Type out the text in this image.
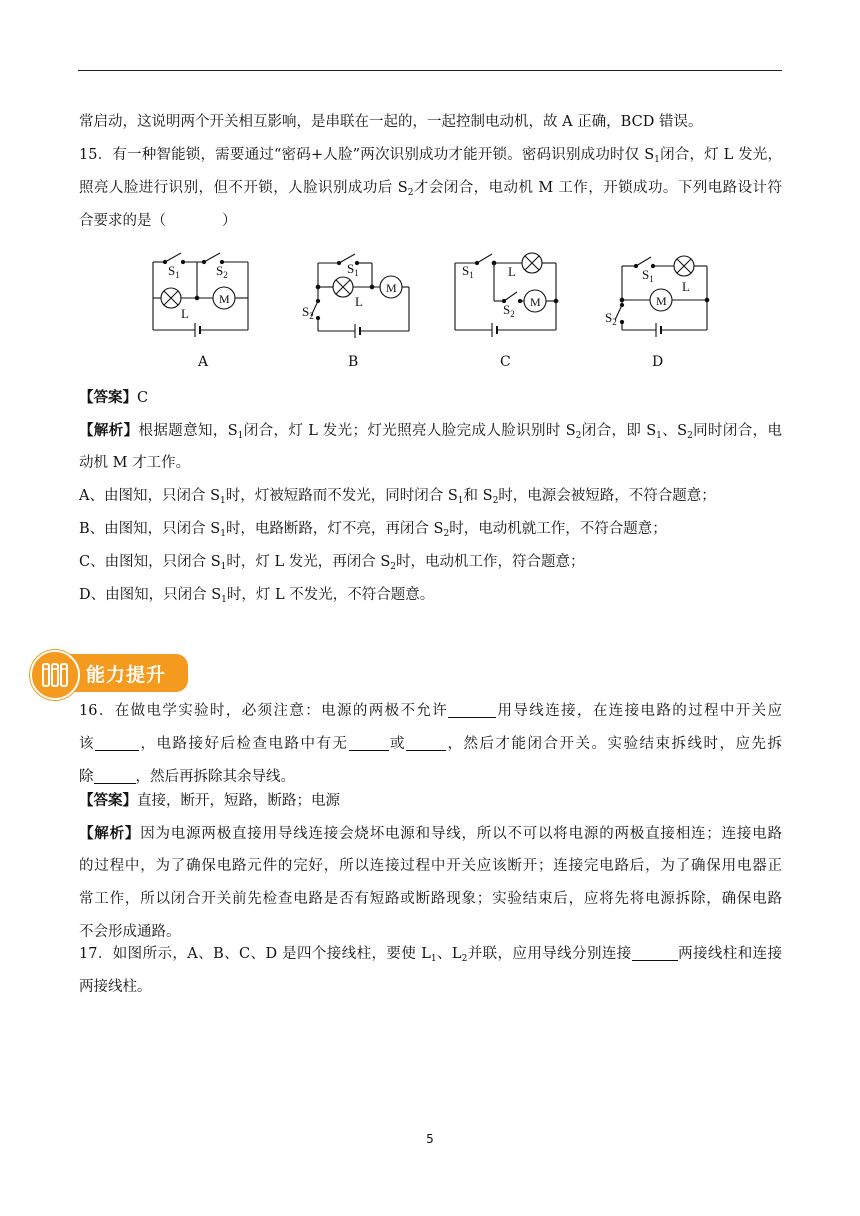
常启动，这说明两个开关相互影响，是串联在一起的，一起控制电动机，故 A 正确，BCD 错误。
15．有一种智能锁，需要通过“密码+人脸”两次识别成功才能开锁。密码识别成功时仅 $S_1$闭合，灯 L 发光，
照亮人脸进行识别，但不开锁，人脸识别成功后 $S_2$才会闭合，电动机 M 工作，开锁成功。下列电路设计符
合要求的是（	）
$S_1$	$S_2$
L
M
$S_1$
$S_2$
L
M
$S_1$
$S_2$
L
M
$S_1$
$S_2$
L
M
A	B	C	D
【答案】C
【解析】根据题意知，$S_1$闭合，灯 L 发光；灯光照亮人脸完成人脸识别时 $S_2$闭合，即 $S_1$、$S_2$同时闭合，电
动机 M 才工作。
A、由图知，只闭合 $S_1$时，灯被短路而不发光，同时闭合 $S_1$和 $S_2$时，电源会被短路，不符合题意；
B、由图知，只闭合 $S_1$时，电路断路，灯不亮，再闭合 $S_2$时，电动机就工作，不符合题意；
C、由图知，只闭合 $S_1$时，灯 L 发光，再闭合 $S_2$时，电动机工作，符合题意；
D、由图知，只闭合 $S_1$时，灯 L 不发光，不符合题意。
能力提升
16．在做电学实验时，必须注意：电源的两极不允许	用导线连接，在连接电路的过程中开关应
该	，电路接好后检查电路中有无	或	，然后才能闭合开关。实验结束拆线时，应先拆
除	，然后再拆除其余导线。
【答案】直接，断开，短路，断路；电源
【解析】因为电源两极直接用导线连接会烧坏电源和导线，所以不可以将电源的两极直接相连；连接电路
的过程中，为了确保电路元件的完好，所以连接过程中开关应该断开；连接完电路后，为了确保用电器正
常工作，所以闭合开关前先检查电路是否有短路或断路现象；实验结束后，应将先将电源拆除，确保电路
不会形成通路。
17．如图所示，A、B、C、D 是四个接线柱，要使 $L_1$、$L_2$并联，应用导线分别连接	两接线柱和连接
两接线柱。
5
